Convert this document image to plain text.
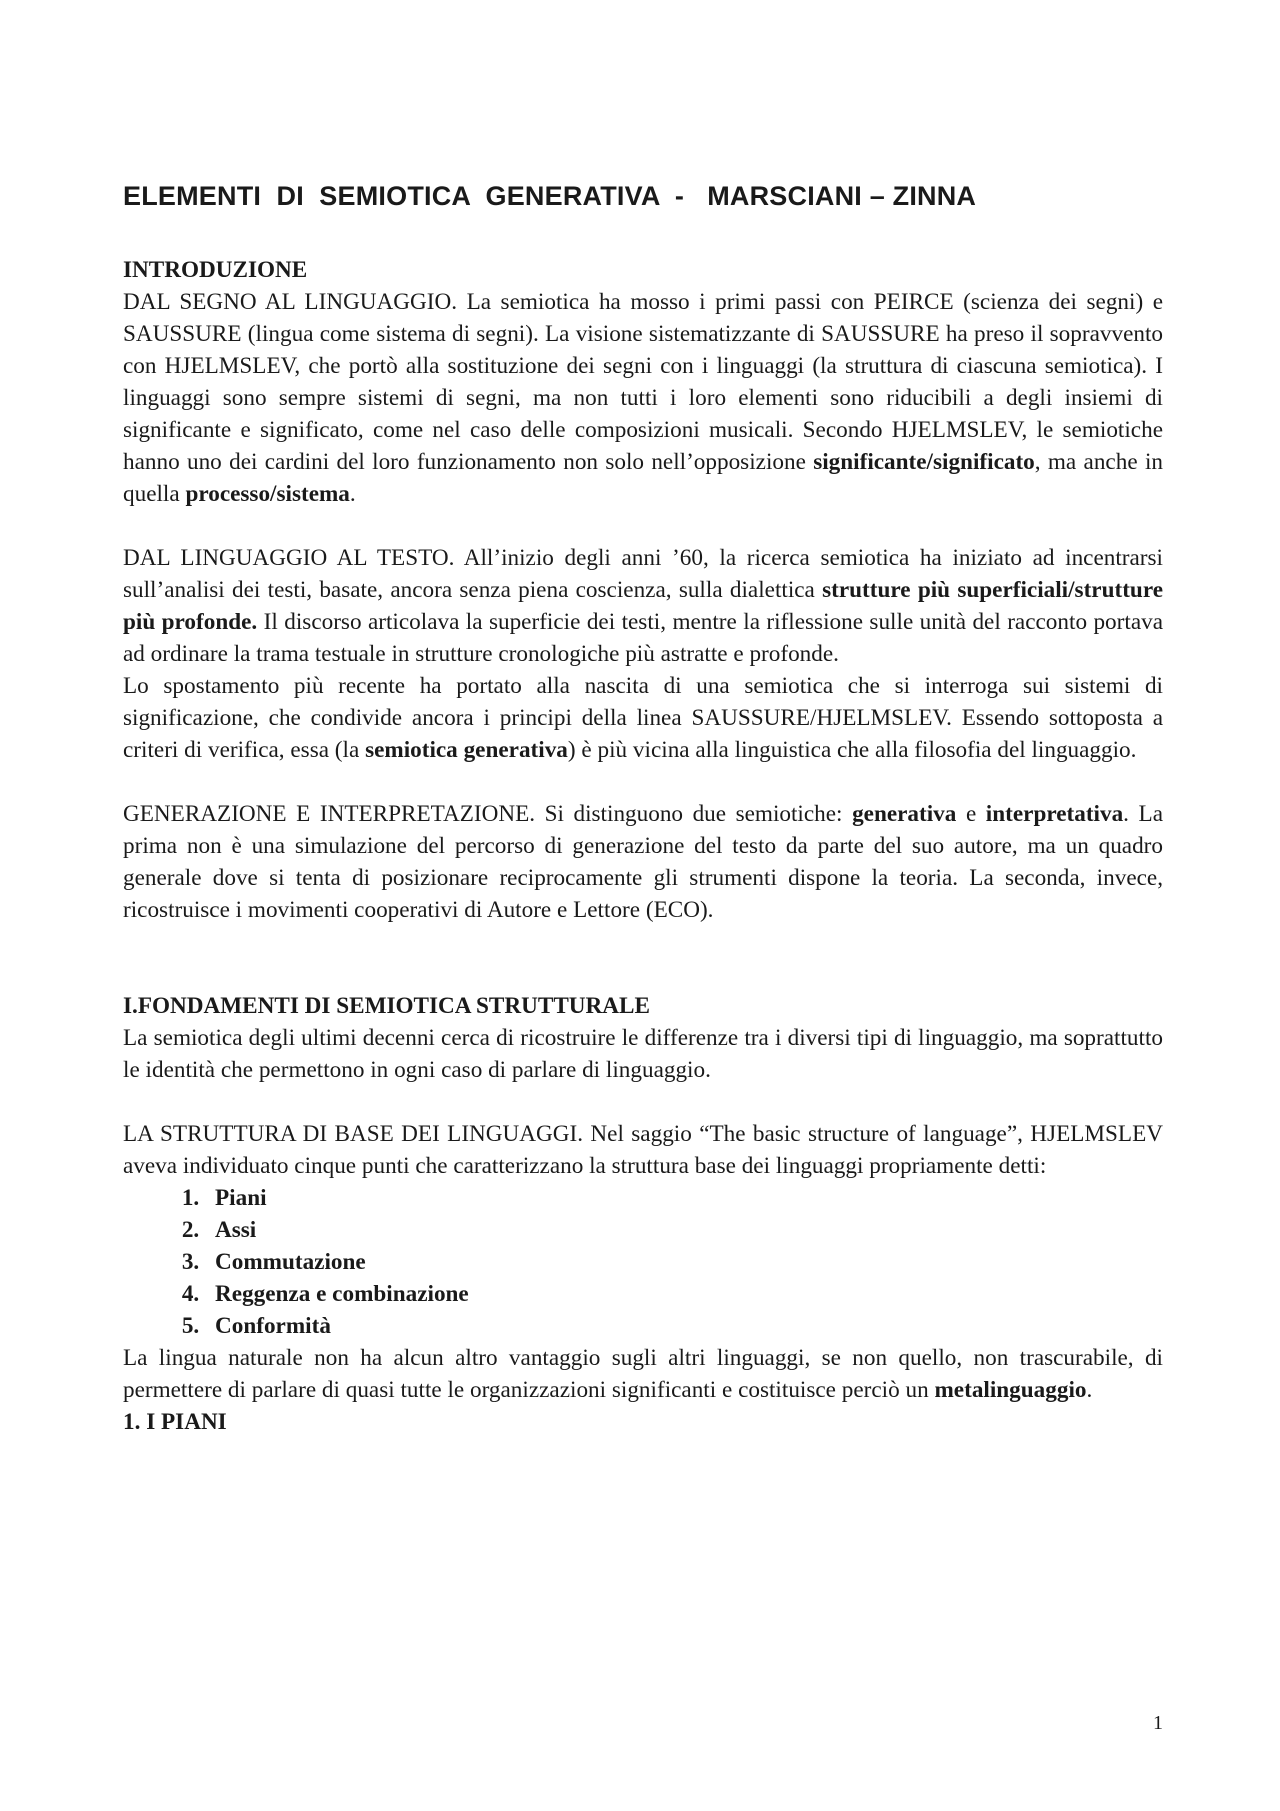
ELEMENTI  DI  SEMIOTICA  GENERATIVA  -   MARSCIANI – ZINNA
INTRODUZIONE

DAL SEGNO AL LINGUAGGIO. La semiotica ha mosso i primi passi con PEIRCE (scienza dei segni) e SAUSSURE (lingua come sistema di segni). La visione sistematizzante di SAUSSURE ha preso il sopravvento con HJELMSLEV, che portò alla sostituzione dei segni con i linguaggi (la struttura di ciascuna semiotica). I linguaggi sono sempre sistemi di segni, ma non tutti i loro elementi sono riducibili a degli insiemi di significante e significato, come nel caso delle composizioni musicali. Secondo HJELMSLEV, le semiotiche hanno uno dei cardini del loro funzionamento non solo nell’opposizione significante/significato, ma anche in quella processo/sistema.

DAL LINGUAGGIO AL TESTO. All’inizio degli anni ’60, la ricerca semiotica ha iniziato ad incentrarsi sull’analisi dei testi, basate, ancora senza piena coscienza, sulla dialettica strutture più superficiali/strutture più profonde. Il discorso articolava la superficie dei testi, mentre la riflessione sulle unità del racconto portava ad ordinare la trama testuale in strutture cronologiche più astratte e profonde.

Lo spostamento più recente ha portato alla nascita di una semiotica che si interroga sui sistemi di significazione, che condivide ancora i principi della linea SAUSSURE/HJELMSLEV. Essendo sottoposta a criteri di verifica, essa (la semiotica generativa) è più vicina alla linguistica che alla filosofia del linguaggio.

GENERAZIONE E INTERPRETAZIONE. Si distinguono due semiotiche: generativa e interpretativa. La prima non è una simulazione del percorso di generazione del testo da parte del suo autore, ma un quadro generale dove si tenta di posizionare reciprocamente gli strumenti dispone la teoria. La seconda, invece, ricostruisce i movimenti cooperativi di Autore e Lettore (ECO).

I.FONDAMENTI DI SEMIOTICA STRUTTURALE

La semiotica degli ultimi decenni cerca di ricostruire le differenze tra i diversi tipi di linguaggio, ma soprattutto le identità che permettono in ogni caso di parlare di linguaggio.

LA STRUTTURA DI BASE DEI LINGUAGGI. Nel saggio “The basic structure of language”, HJELMSLEV aveva individuato cinque punti che caratterizzano la struttura base dei linguaggi propriamente detti:

1. Piani
2. Assi
3. Commutazione
4. Reggenza e combinazione
5. Conformità

La lingua naturale non ha alcun altro vantaggio sugli altri linguaggi, se non quello, non trascurabile, di permettere di parlare di quasi tutte le organizzazioni significanti e costituisce perciò un metalinguaggio.

1. I PIANI
1
